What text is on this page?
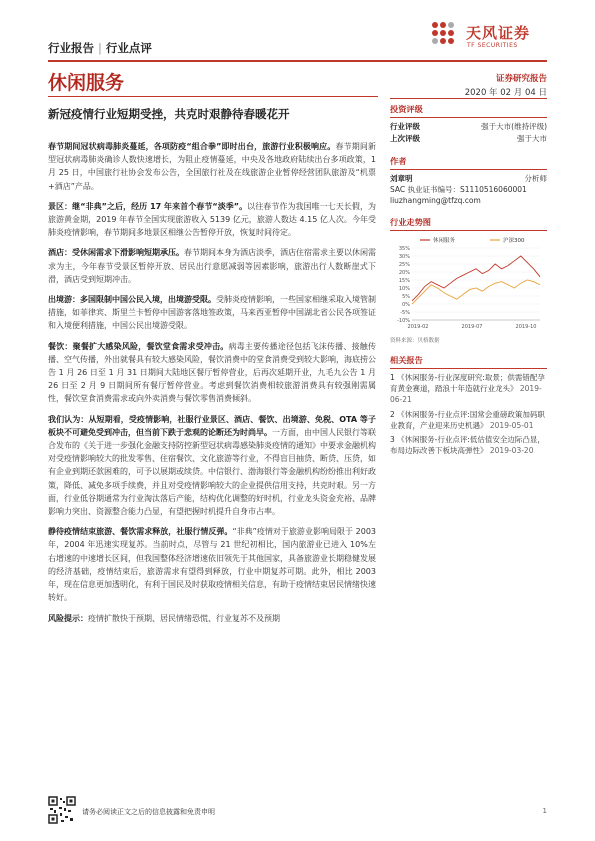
行业报告 | 行业点评
天风证券
TF SECURITIES
休闲服务	证券研究报告
2020 年 02 月 04 日
新冠疫情行业短期受挫，共克时艰静待春暖花开

春节期间冠状病毒肺炎蔓延，各项防疫“组合拳”即时出台，旅游行业积极响应。春节期间新型冠状病毒肺炎确诊人数快速增长，为阻止疫情蔓延，中央及各地政府陆续出台多项政策，1 月 25 日，中国旅行社协会发布公告，全国旅行社及在线旅游企业暂停经营团队旅游及“机票+酒店”产品。

景区：继“非典”之后，经历 17 年来首个春节“淡季”。以往春节作为我国唯一七天长假，为旅游黄金期，2019 年春节全国实现旅游收入 5139 亿元，旅游人数达 4.15 亿人次。今年受肺炎疫情影响，春节期间多地景区相继公告暂停开放，恢复时间待定。

酒店：受休闲需求下滑影响短期承压。春节期间本身为酒店淡季，酒店住宿需求主要以休闲需求为主，今年春节受景区暂停开放、居民出行意愿减弱等因素影响，旅游出行人数断崖式下滑，酒店受到短期冲击。

出境游：多国限制中国公民入境，出境游受限。受肺炎疫情影响，一些国家相继采取入境管制措施，如菲律宾、斯里兰卡暂停中国游客落地签政策，马来西亚暂停中国湖北省公民各项签证和入境便利措施，中国公民出境游受限。

餐饮：聚餐扩大感染风险，餐饮堂食需求受冲击。病毒主要传播途径包括飞沫传播、接触传播、空气传播，外出就餐具有较大感染风险，餐饮消费中的堂食消费受到较大影响，海底捞公告 1 月 26 日至 1 月 31 日期间大陆地区餐厅暂停营业，后再次延期开业，九毛九公告 1 月 26 日至 2 月 9 日期间所有餐厅暂停营业。考虑到餐饮消费相较旅游消费具有较强刚需属性，餐饮堂食消费需求或向外卖消费与餐饮零售消费倾斜。

我们认为：从短期看，受疫情影响，社服行业景区、酒店、餐饮、出境游、免税、OTA 等子板块不可避免受到冲击，但当前下跌于悲观的论断还为时尚早。一方面，由中国人民银行等联合发布的《关于进一步强化金融支持防控新型冠状病毒感染肺炎疫情的通知》中要求金融机构对受疫情影响较大的批发零售、住宿餐饮、文化旅游等行业，不得盲目抽贷、断贷、压贷，如有企业到期还款困难的，可予以展期或续贷。中信银行、渤海银行等金融机构纷纷推出利好政策，降低、减免多项手续费，并且对受疫情影响较大的企业提供信用支持，共克时艰。另一方面，行业低谷期通常为行业淘汰落后产能，结构优化调整的好时机，行业龙头资金充裕、品牌影响力突出、资源整合能力凸显，有望把握时机提升自身市占率。

静待疫情结束旅游、餐饮需求释放，社服行情反弹。“非典”疫情对于旅游业影响局限于 2003 年，2004 年迅速实现复苏。当前时点，尽管与 21 世纪初相比，国内旅游业已进入 10%左右增速的中速增长区间，但我国整体经济增速依旧领先于其他国家，具备旅游业长期稳健发展的经济基础，疫情结束后，旅游需求有望得到释放，行业中期复苏可期。此外，相比 2003 年，现在信息更加透明化，有利于国民及时获取疫情相关信息，有助于疫情结束居民情绪快速转好。

风险提示：疫情扩散快于预期、居民情绪恐慌、行业复苏不及预期

投资评级
行业评级	强于大市(维持评级)
上次评级	强于大市
作者
刘章明	分析师
SAC 执业证书编号：S1110516060001
liuzhangming@tfzq.com
行业走势图
35%
30%
25%
20%
15%
10%
5%
0%
-5%
-10%
2019-02	2019-07	2019-10
休闲服务	沪深300
资料来源：贝格数据
相关报告
1 《休闲服务-行业深度研究:取景；供需错配孕育黄金赛道，踏浪十年造就行业龙头》 2019-06-21
2 《休闲服务-行业点评:国常会重磅政策加码职业教育，产业迎来历史机遇》 2019-05-01
3 《休闲服务-行业点评:低估值安全边际凸显，布局边际改善下板块高弹性》 2019-03-20
请务必阅读正文之后的信息披露和免责申明	1
